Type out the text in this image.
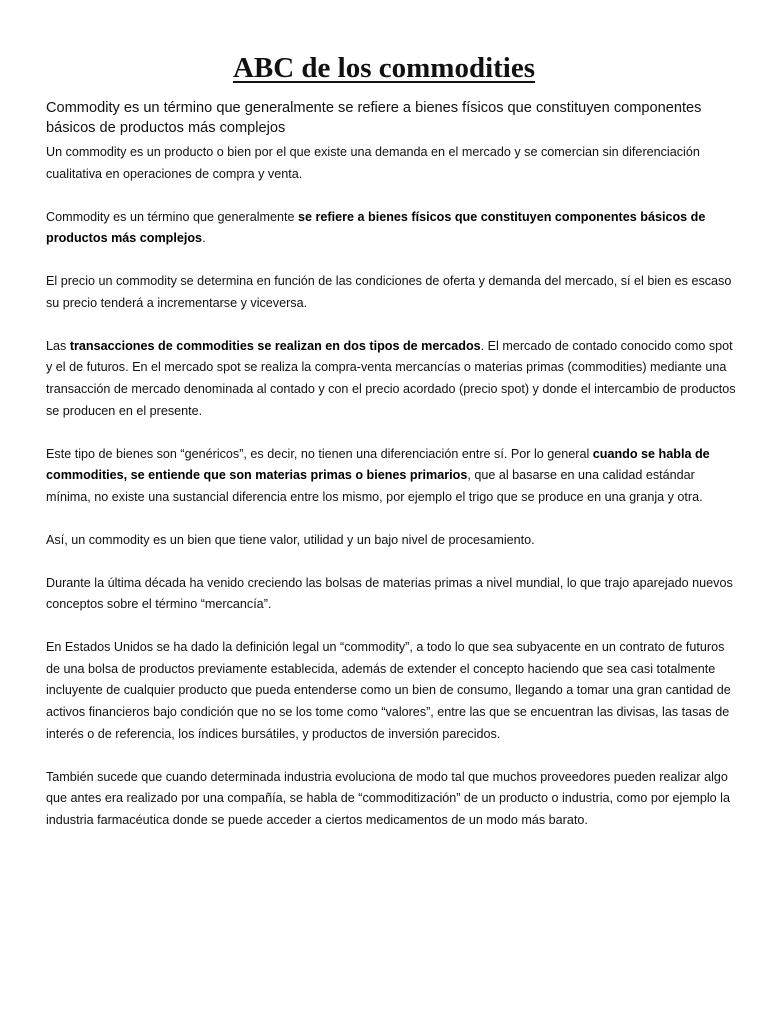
ABC de los commodities

Commodity es un término que generalmente se refiere a bienes físicos que constituyen componentes básicos de productos más complejos

Un commodity es un producto o bien por el que existe una demanda en el mercado y se comercian sin diferenciación cualitativa en operaciones de compra y venta.

Commodity es un término que generalmente se refiere a bienes físicos que constituyen componentes básicos de productos más complejos.

El precio un commodity se determina en función de las condiciones de oferta y demanda del mercado, sí el bien es escaso su precio tenderá a incrementarse y viceversa.

Las transacciones de commodities se realizan en dos tipos de mercados. El mercado de contado conocido como spot y el de futuros. En el mercado spot se realiza la compra-venta mercancías o materias primas (commodities) mediante una transacción de mercado denominada al contado y con el precio acordado (precio spot) y donde el intercambio de productos se producen en el presente.

Este tipo de bienes son “genéricos”, es decir, no tienen una diferenciación entre sí. Por lo general cuando se habla de commodities, se entiende que son materias primas o bienes primarios, que al basarse en una calidad estándar mínima, no existe una sustancial diferencia entre los mismo, por ejemplo el trigo que se produce en una granja y otra.

Así, un commodity es un bien que tiene valor, utilidad y un bajo nivel de procesamiento.

Durante la última década ha venido creciendo las bolsas de materias primas a nivel mundial, lo que trajo aparejado nuevos conceptos sobre el término “mercancía”.

En Estados Unidos se ha dado la definición legal un “commodity”, a todo lo que sea subyacente en un contrato de futuros de una bolsa de productos previamente establecida, además de extender el concepto haciendo que sea casi totalmente incluyente de cualquier producto que pueda entenderse como un bien de consumo, llegando a tomar una gran cantidad de activos financieros bajo condición que no se los tome como “valores”, entre las que se encuentran las divisas, las tasas de interés o de referencia, los índices bursátiles, y productos de inversión parecidos.

También sucede que cuando determinada industria evoluciona de modo tal que muchos proveedores pueden realizar algo que antes era realizado por una compañía, se habla de “commoditización” de un producto o industria, como por ejemplo la industria farmacéutica donde se puede acceder a ciertos medicamentos de un modo más barato.
